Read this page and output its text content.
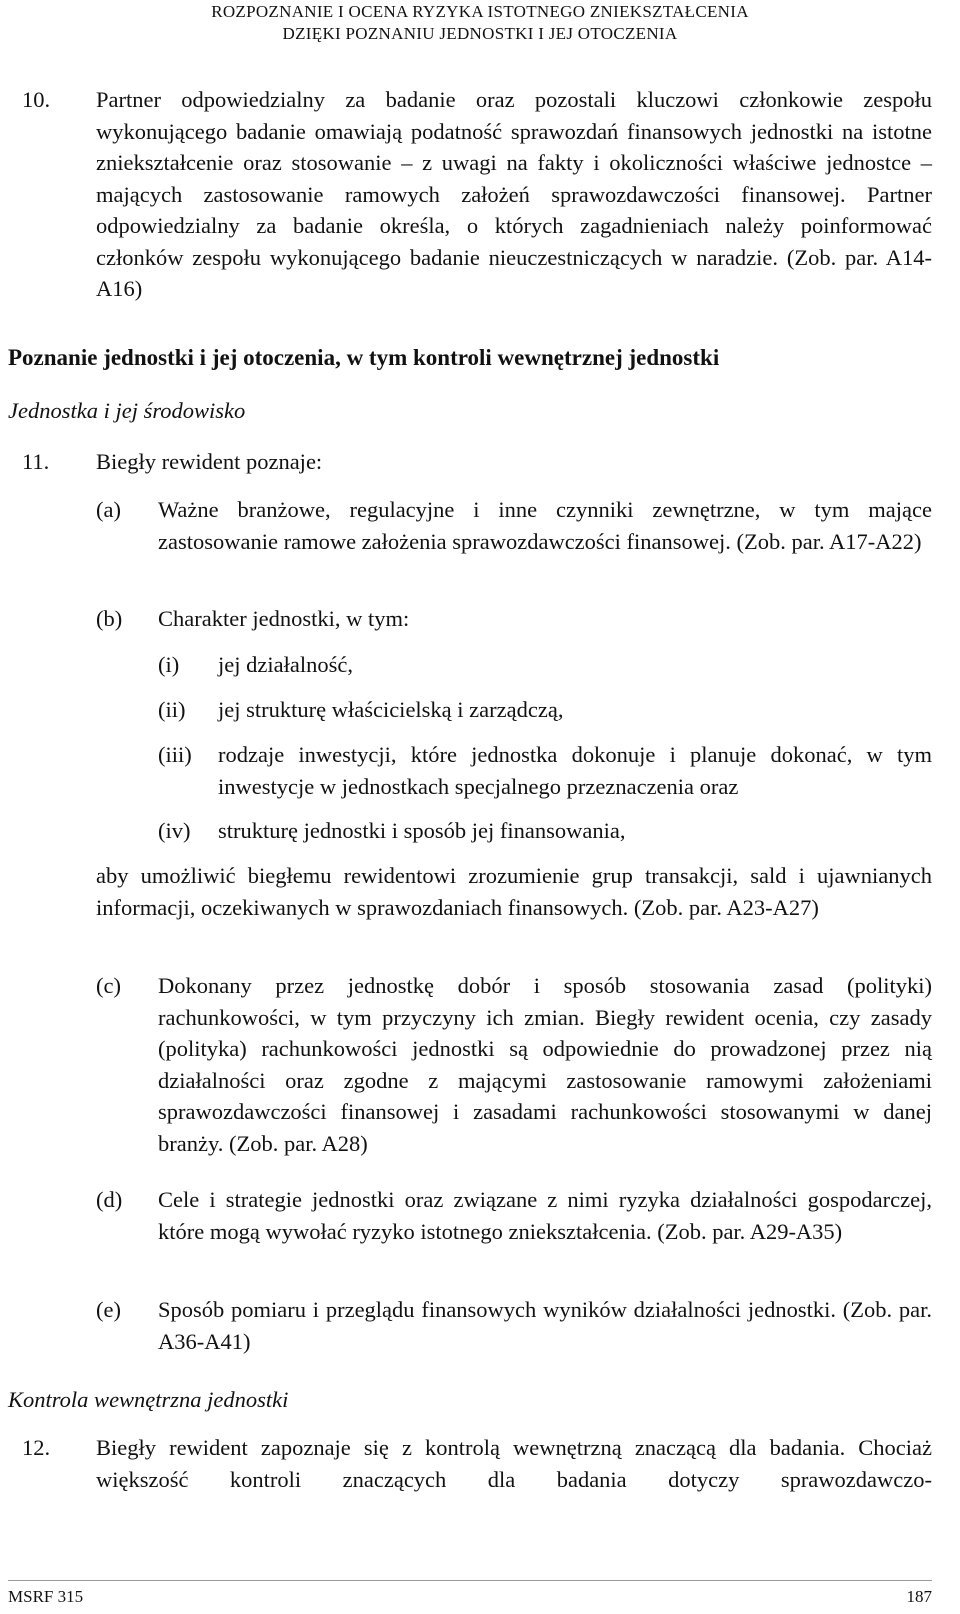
ROZPOZNANIE I OCENA RYZYKA ISTOTNEGO ZNIEKSZTAŁCENIA
DZIĘKI POZNANIU JEDNOSTKI I JEJ OTOCZENIA
10. Partner odpowiedzialny za badanie oraz pozostali kluczowi członkowie zespołu wykonującego badanie omawiają podatność sprawozdań finansowych jednostki na istotne zniekształcenie oraz stosowanie – z uwagi na fakty i okoliczności właściwe jednostce – mających zastosowanie ramowych założeń sprawozdawczości finansowej. Partner odpowiedzialny za badanie określa, o których zagadnieniach należy poinformować członków zespołu wykonującego badanie nieuczestniczących w naradzie. (Zob. par. A14-A16)
Poznanie jednostki i jej otoczenia, w tym kontroli wewnętrznej jednostki
Jednostka i jej środowisko
11. Biegły rewident poznaje:
(a) Ważne branżowe, regulacyjne i inne czynniki zewnętrzne, w tym mające zastosowanie ramowe założenia sprawozdawczości finansowej. (Zob. par. A17-A22)
(b) Charakter jednostki, w tym:
(i) jej działalność,
(ii) jej strukturę właścicielską i zarządczą,
(iii) rodzaje inwestycji, które jednostka dokonuje i planuje dokonać, w tym inwestycje w jednostkach specjalnego przeznaczenia oraz
(iv) strukturę jednostki i sposób jej finansowania,
aby umożliwić biegłemu rewidentowi zrozumienie grup transakcji, sald i ujawnianych informacji, oczekiwanych w sprawozdaniach finansowych. (Zob. par. A23-A27)
(c) Dokonany przez jednostkę dobór i sposób stosowania zasad (polityki) rachunkowości, w tym przyczyny ich zmian. Biegły rewident ocenia, czy zasady (polityka) rachunkowości jednostki są odpowiednie do prowadzonej przez nią działalności oraz zgodne z mającymi zastosowanie ramowymi założeniami sprawozdawczości finansowej i zasadami rachunkowości stosowanymi w danej branży. (Zob. par. A28)
(d) Cele i strategie jednostki oraz związane z nimi ryzyka działalności gospodarczej, które mogą wywołać ryzyko istotnego zniekształcenia. (Zob. par. A29-A35)
(e) Sposób pomiaru i przeglądu finansowych wyników działalności jednostki. (Zob. par. A36-A41)
Kontrola wewnętrzna jednostki
12. Biegły rewident zapoznaje się z kontrolą wewnętrzną znaczącą dla badania. Chociaż większość kontroli znaczących dla badania dotyczy sprawozdawczo-
MSRF 315	187
